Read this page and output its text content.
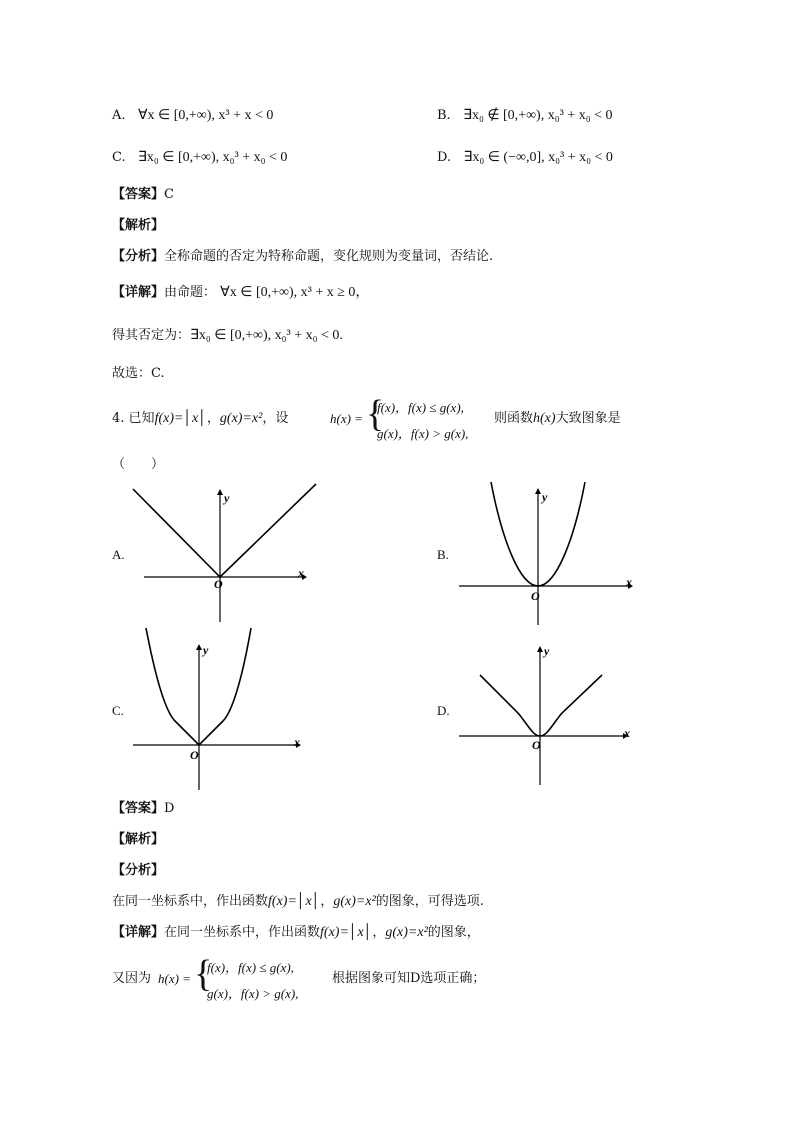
A. ∀x ∈ [0,+∞), x³ + x < 0	B. ∃x₀ ∉ [0,+∞), x₀³ + x₀ < 0
C. ∃x₀ ∈ [0,+∞), x₀³ + x₀ < 0	D. ∃x₀ ∈ (−∞,0], x₀³ + x₀ < 0
【答案】C
【解析】
【分析】全称命题的否定为特称命题，变化规则为变量词，否结论.
【详解】由命题： ∀x ∈ [0,+∞), x³ + x ≥ 0，
得其否定为：∃x₀ ∈ [0,+∞), x₀³ + x₀ < 0.
故选：C.
4. 已知f(x)=│x│，g(x)=x²，设	h(x) = {
f(x)，f(x) ≤ g(x),
g(x)，f(x) > g(x),
则函数h(x)大致图象是
（　　）
A.	B.
C.	D.
x
y
O	x
y
O
x
y
O
x
y
O
【答案】D
【解析】
【分析】
在同一坐标系中，作出函数f(x)=│x│，g(x)=x²的图象，可得选项.
【详解】在同一坐标系中，作出函数f(x)=│x│，g(x)=x²的图象，
又因为 h(x) = {
f(x)，f(x) ≤ g(x),
g(x)，f(x) > g(x),
根据图象可知D选项正确；
